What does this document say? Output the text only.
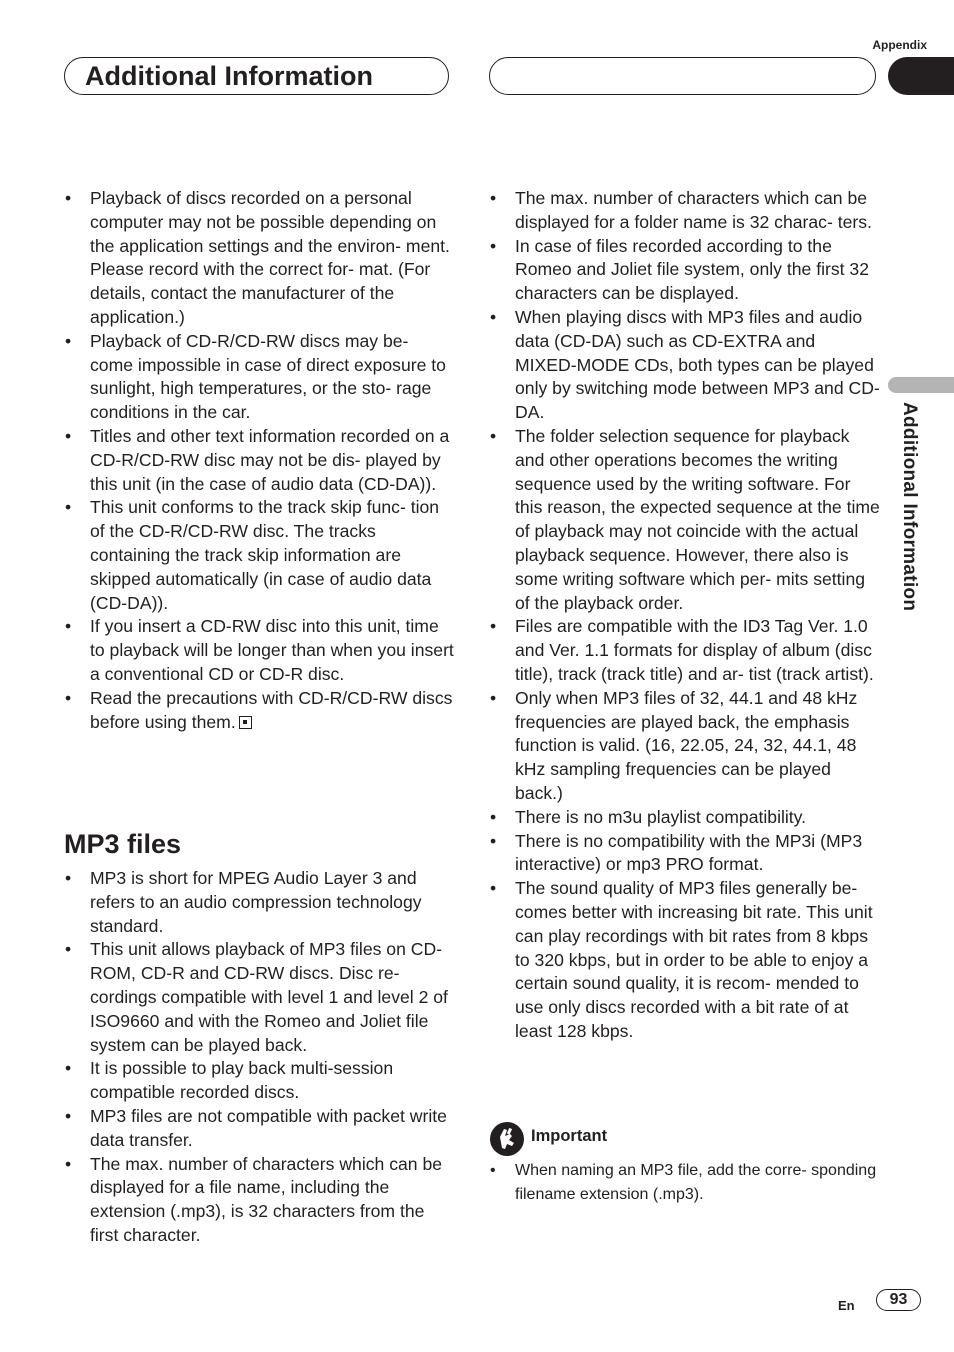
Appendix
Additional Information
Additional Information
• Playback of discs recorded on a personal computer may not be possible depending on the application settings and the environ- ment. Please record with the correct for- mat. (For details, contact the manufacturer of the application.)
• Playback of CD-R/CD-RW discs may be- come impossible in case of direct exposure to sunlight, high temperatures, or the sto- rage conditions in the car.
• Titles and other text information recorded on a CD-R/CD-RW disc may not be dis- played by this unit (in the case of audio data (CD-DA)).
• This unit conforms to the track skip func- tion of the CD-R/CD-RW disc. The tracks containing the track skip information are skipped automatically (in case of audio data (CD-DA)).
• If you insert a CD-RW disc into this unit, time to playback will be longer than when you insert a conventional CD or CD-R disc.
• Read the precautions with CD-R/CD-RW discs before using them.
MP3 files
• MP3 is short for MPEG Audio Layer 3 and refers to an audio compression technology standard.
• This unit allows playback of MP3 files on CD-ROM, CD-R and CD-RW discs. Disc re- cordings compatible with level 1 and level 2 of ISO9660 and with the Romeo and Joliet file system can be played back.
• It is possible to play back multi-session compatible recorded discs.
• MP3 files are not compatible with packet write data transfer.
• The max. number of characters which can be displayed for a file name, including the extension (.mp3), is 32 characters from the first character.
• The max. number of characters which can be displayed for a folder name is 32 charac- ters.
• In case of files recorded according to the Romeo and Joliet file system, only the first 32 characters can be displayed.
• When playing discs with MP3 files and audio data (CD-DA) such as CD-EXTRA and MIXED-MODE CDs, both types can be played only by switching mode between MP3 and CD-DA.
• The folder selection sequence for playback and other operations becomes the writing sequence used by the writing software. For this reason, the expected sequence at the time of playback may not coincide with the actual playback sequence. However, there also is some writing software which per- mits setting of the playback order.
• Files are compatible with the ID3 Tag Ver. 1.0 and Ver. 1.1 formats for display of album (disc title), track (track title) and ar- tist (track artist).
• Only when MP3 files of 32, 44.1 and 48 kHz frequencies are played back, the emphasis function is valid. (16, 22.05, 24, 32, 44.1, 48 kHz sampling frequencies can be played back.)
• There is no m3u playlist compatibility.
• There is no compatibility with the MP3i (MP3 interactive) or mp3 PRO format.
• The sound quality of MP3 files generally be- comes better with increasing bit rate. This unit can play recordings with bit rates from 8 kbps to 320 kbps, but in order to be able to enjoy a certain sound quality, it is recom- mended to use only discs recorded with a bit rate of at least 128 kbps.
Important
• When naming an MP3 file, add the corre- sponding filename extension (.mp3).
En	93
